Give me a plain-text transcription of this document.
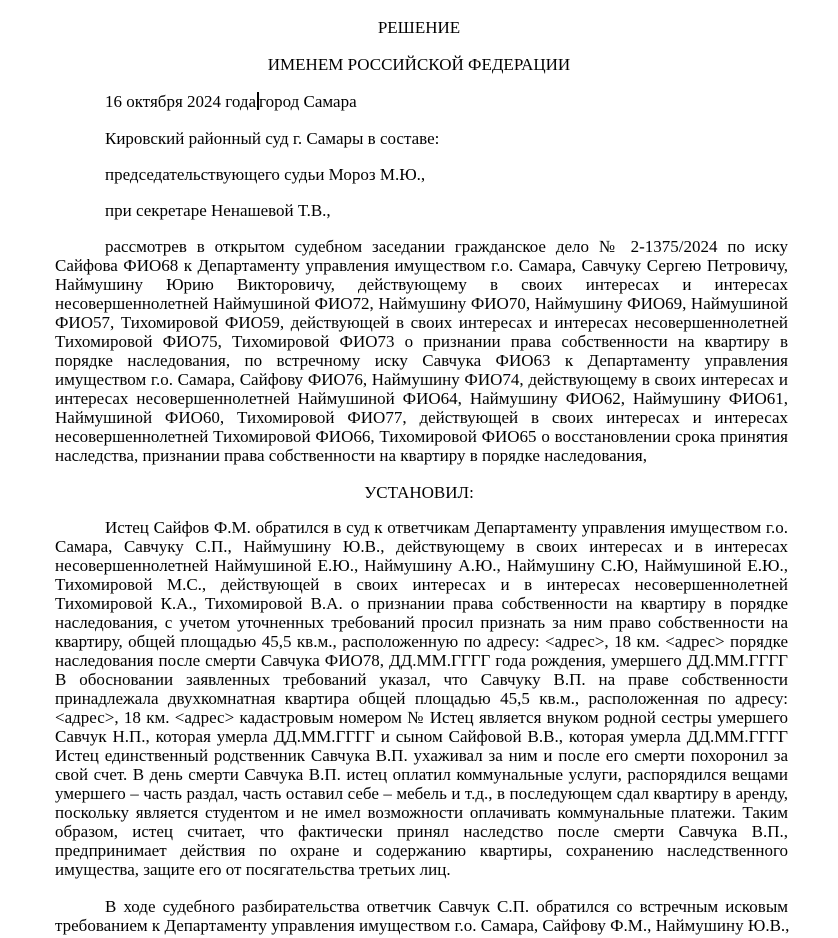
РЕШЕНИЕ
ИМЕНЕМ РОССИЙСКОЙ ФЕДЕРАЦИИ
16 октября 2024 года город Самара
Кировский районный суд г. Самары в составе:
председательствующего судьи Мороз М.Ю.,
при секретаре Ненашевой Т.В.,
рассмотрев в открытом судебном заседании гражданское дело № 2-1375/2024 по иску
Сайфова ФИО68 к Департаменту управления имуществом г.о. Самара, Савчуку Сергею Петровичу,
Наймушину Юрию Викторовичу, действующему в своих интересах и интересах
несовершеннолетней Наймушиной ФИО72, Наймушину ФИО70, Наймушину ФИО69, Наймушиной
ФИО57, Тихомировой ФИО59, действующей в своих интересах и интересах несовершеннолетней
Тихомировой ФИО75, Тихомировой ФИО73 о признании права собственности на квартиру в
порядке наследования, по встречному иску Савчука ФИО63 к Департаменту управления
имуществом г.о. Самара, Сайфову ФИО76, Наймушину ФИО74, действующему в своих интересах и
интересах несовершеннолетней Наймушиной ФИО64, Наймушину ФИО62, Наймушину ФИО61,
Наймушиной ФИО60, Тихомировой ФИО77, действующей в своих интересах и интересах
несовершеннолетней Тихомировой ФИО66, Тихомировой ФИО65 о восстановлении срока принятия
наследства, признании права собственности на квартиру в порядке наследования,
УСТАНОВИЛ:
Истец Сайфов Ф.М. обратился в суд к ответчикам Департаменту управления имуществом г.о.
Самара, Савчуку С.П., Наймушину Ю.В., действующему в своих интересах и в интересах
несовершеннолетней Наймушиной Е.Ю., Наймушину А.Ю., Наймушину С.Ю, Наймушиной Е.Ю.,
Тихомировой М.С., действующей в своих интересах и в интересах несовершеннолетней
Тихомировой К.А., Тихомировой В.А. о признании права собственности на квартиру в порядке
наследования, с учетом уточненных требований просил признать за ним право собственности на
квартиру, общей площадью 45,5 кв.м., расположенную по адресу: <адрес>, 18 км. <адрес> порядке
наследования после смерти Савчука ФИО78, ДД.ММ.ГГГГ года рождения, умершего ДД.ММ.ГГГГ
В обосновании заявленных требований указал, что Савчуку В.П. на праве собственности
принадлежала двухкомнатная квартира общей площадью 45,5 кв.м., расположенная по адресу:
<адрес>, 18 км. <адрес> кадастровым номером № Истец является внуком родной сестры умершего
Савчук Н.П., которая умерла ДД.ММ.ГГГГ и сыном Сайфовой В.В., которая умерла ДД.ММ.ГГГГ
Истец единственный родственник Савчука В.П. ухаживал за ним и после его смерти похоронил за
свой счет. В день смерти Савчука В.П. истец оплатил коммунальные услуги, распорядился вещами
умершего – часть раздал, часть оставил себе – мебель и т.д., в последующем сдал квартиру в аренду,
поскольку является студентом и не имел возможности оплачивать коммунальные платежи. Таким
образом, истец считает, что фактически принял наследство после смерти Савчука В.П.,
предпринимает действия по охране и содержанию квартиры, сохранению наследственного
имущества, защите его от посягательства третьих лиц.
В ходе судебного разбирательства ответчик Савчук С.П. обратился со встречным исковым
требованием к Департаменту управления имуществом г.о. Самара, Сайфову Ф.М., Наймушину Ю.В.,
